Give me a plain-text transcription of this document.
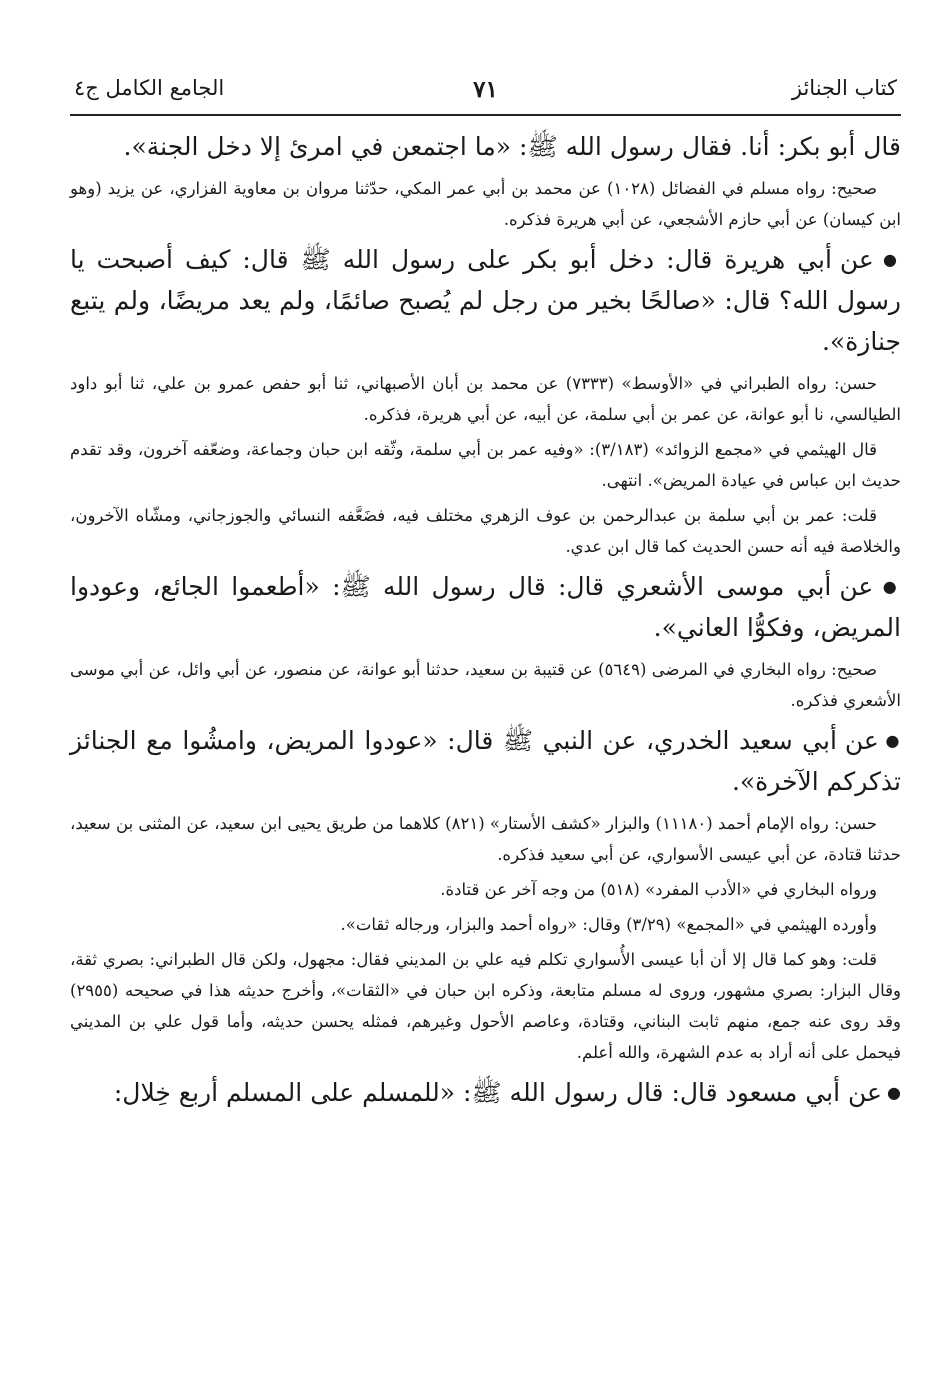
كتاب الجنائز
٧١
الجامع الكامل ج٤

قال أبو بكر: أنا. فقال رسول الله ﷺ: «ما اجتمعن في امرئ إلا دخل الجنة».

صحيح: رواه مسلم في الفضائل (١٠٢٨) عن محمد بن أبي عمر المكي، حدّثنا مروان بن معاوية الفزاري، عن يزيد (وهو ابن كيسان) عن أبي حازم الأشجعي، عن أبي هريرة فذكره.

● عن أبي هريرة قال: دخل أبو بكر على رسول الله ﷺ قال: كيف أصبحت يا رسول الله؟ قال: «صالحًا بخير من رجل لم يُصبح صائمًا، ولم يعد مريضًا، ولم يتبع جنازة».

حسن: رواه الطبراني في «الأوسط» (٧٣٣٣) عن محمد بن أبان الأصبهاني، ثنا أبو حفص عمرو بن علي، ثنا أبو داود الطيالسي، نا أبو عوانة، عن عمر بن أبي سلمة، عن أبيه، عن أبي هريرة، فذكره.

قال الهيثمي في «مجمع الزوائد» (٣/١٨٣): «وفيه عمر بن أبي سلمة، وثّقه ابن حبان وجماعة، وضعّفه آخرون، وقد تقدم حديث ابن عباس في عيادة المريض». انتهى.

قلت: عمر بن أبي سلمة بن عبدالرحمن بن عوف الزهري مختلف فيه، فضَعَّفه النسائي والجوزجاني، ومشّاه الآخرون، والخلاصة فيه أنه حسن الحديث كما قال ابن عدي.

● عن أبي موسى الأشعري قال: قال رسول الله ﷺ: «أطعموا الجائع، وعودوا المريض، وفكوُّا العاني».

صحيح: رواه البخاري في المرضى (٥٦٤٩) عن قتيبة بن سعيد، حدثنا أبو عوانة، عن منصور، عن أبي وائل، عن أبي موسى الأشعري فذكره.

● عن أبي سعيد الخدري، عن النبي ﷺ قال: «عودوا المريض، وامشُوا مع الجنائز تذكركم الآخرة».

حسن: رواه الإمام أحمد (١١١٨٠) والبزار «كشف الأستار» (٨٢١) كلاهما من طريق يحيى ابن سعيد، عن المثنى بن سعيد، حدثنا قتادة، عن أبي عيسى الأسواري، عن أبي سعيد فذكره.

ورواه البخاري في «الأدب المفرد» (٥١٨) من وجه آخر عن قتادة.

وأورده الهيثمي في «المجمع» (٣/٢٩) وقال: «رواه أحمد والبزار، ورجاله ثقات».

قلت: وهو كما قال إلا أن أبا عيسى الأُسواري تكلم فيه علي بن المديني فقال: مجهول، ولكن قال الطبراني: بصري ثقة، وقال البزار: بصري مشهور، وروى له مسلم متابعة، وذكره ابن حبان في «الثقات»، وأخرج حديثه هذا في صحيحه (٢٩٥٥) وقد روى عنه جمع، منهم ثابت البناني، وقتادة، وعاصم الأحول وغيرهم، فمثله يحسن حديثه، وأما قول علي بن المديني فيحمل على أنه أراد به عدم الشهرة، والله أعلم.

● عن أبي مسعود قال: قال رسول الله ﷺ: «للمسلم على المسلم أربع خِلال:
